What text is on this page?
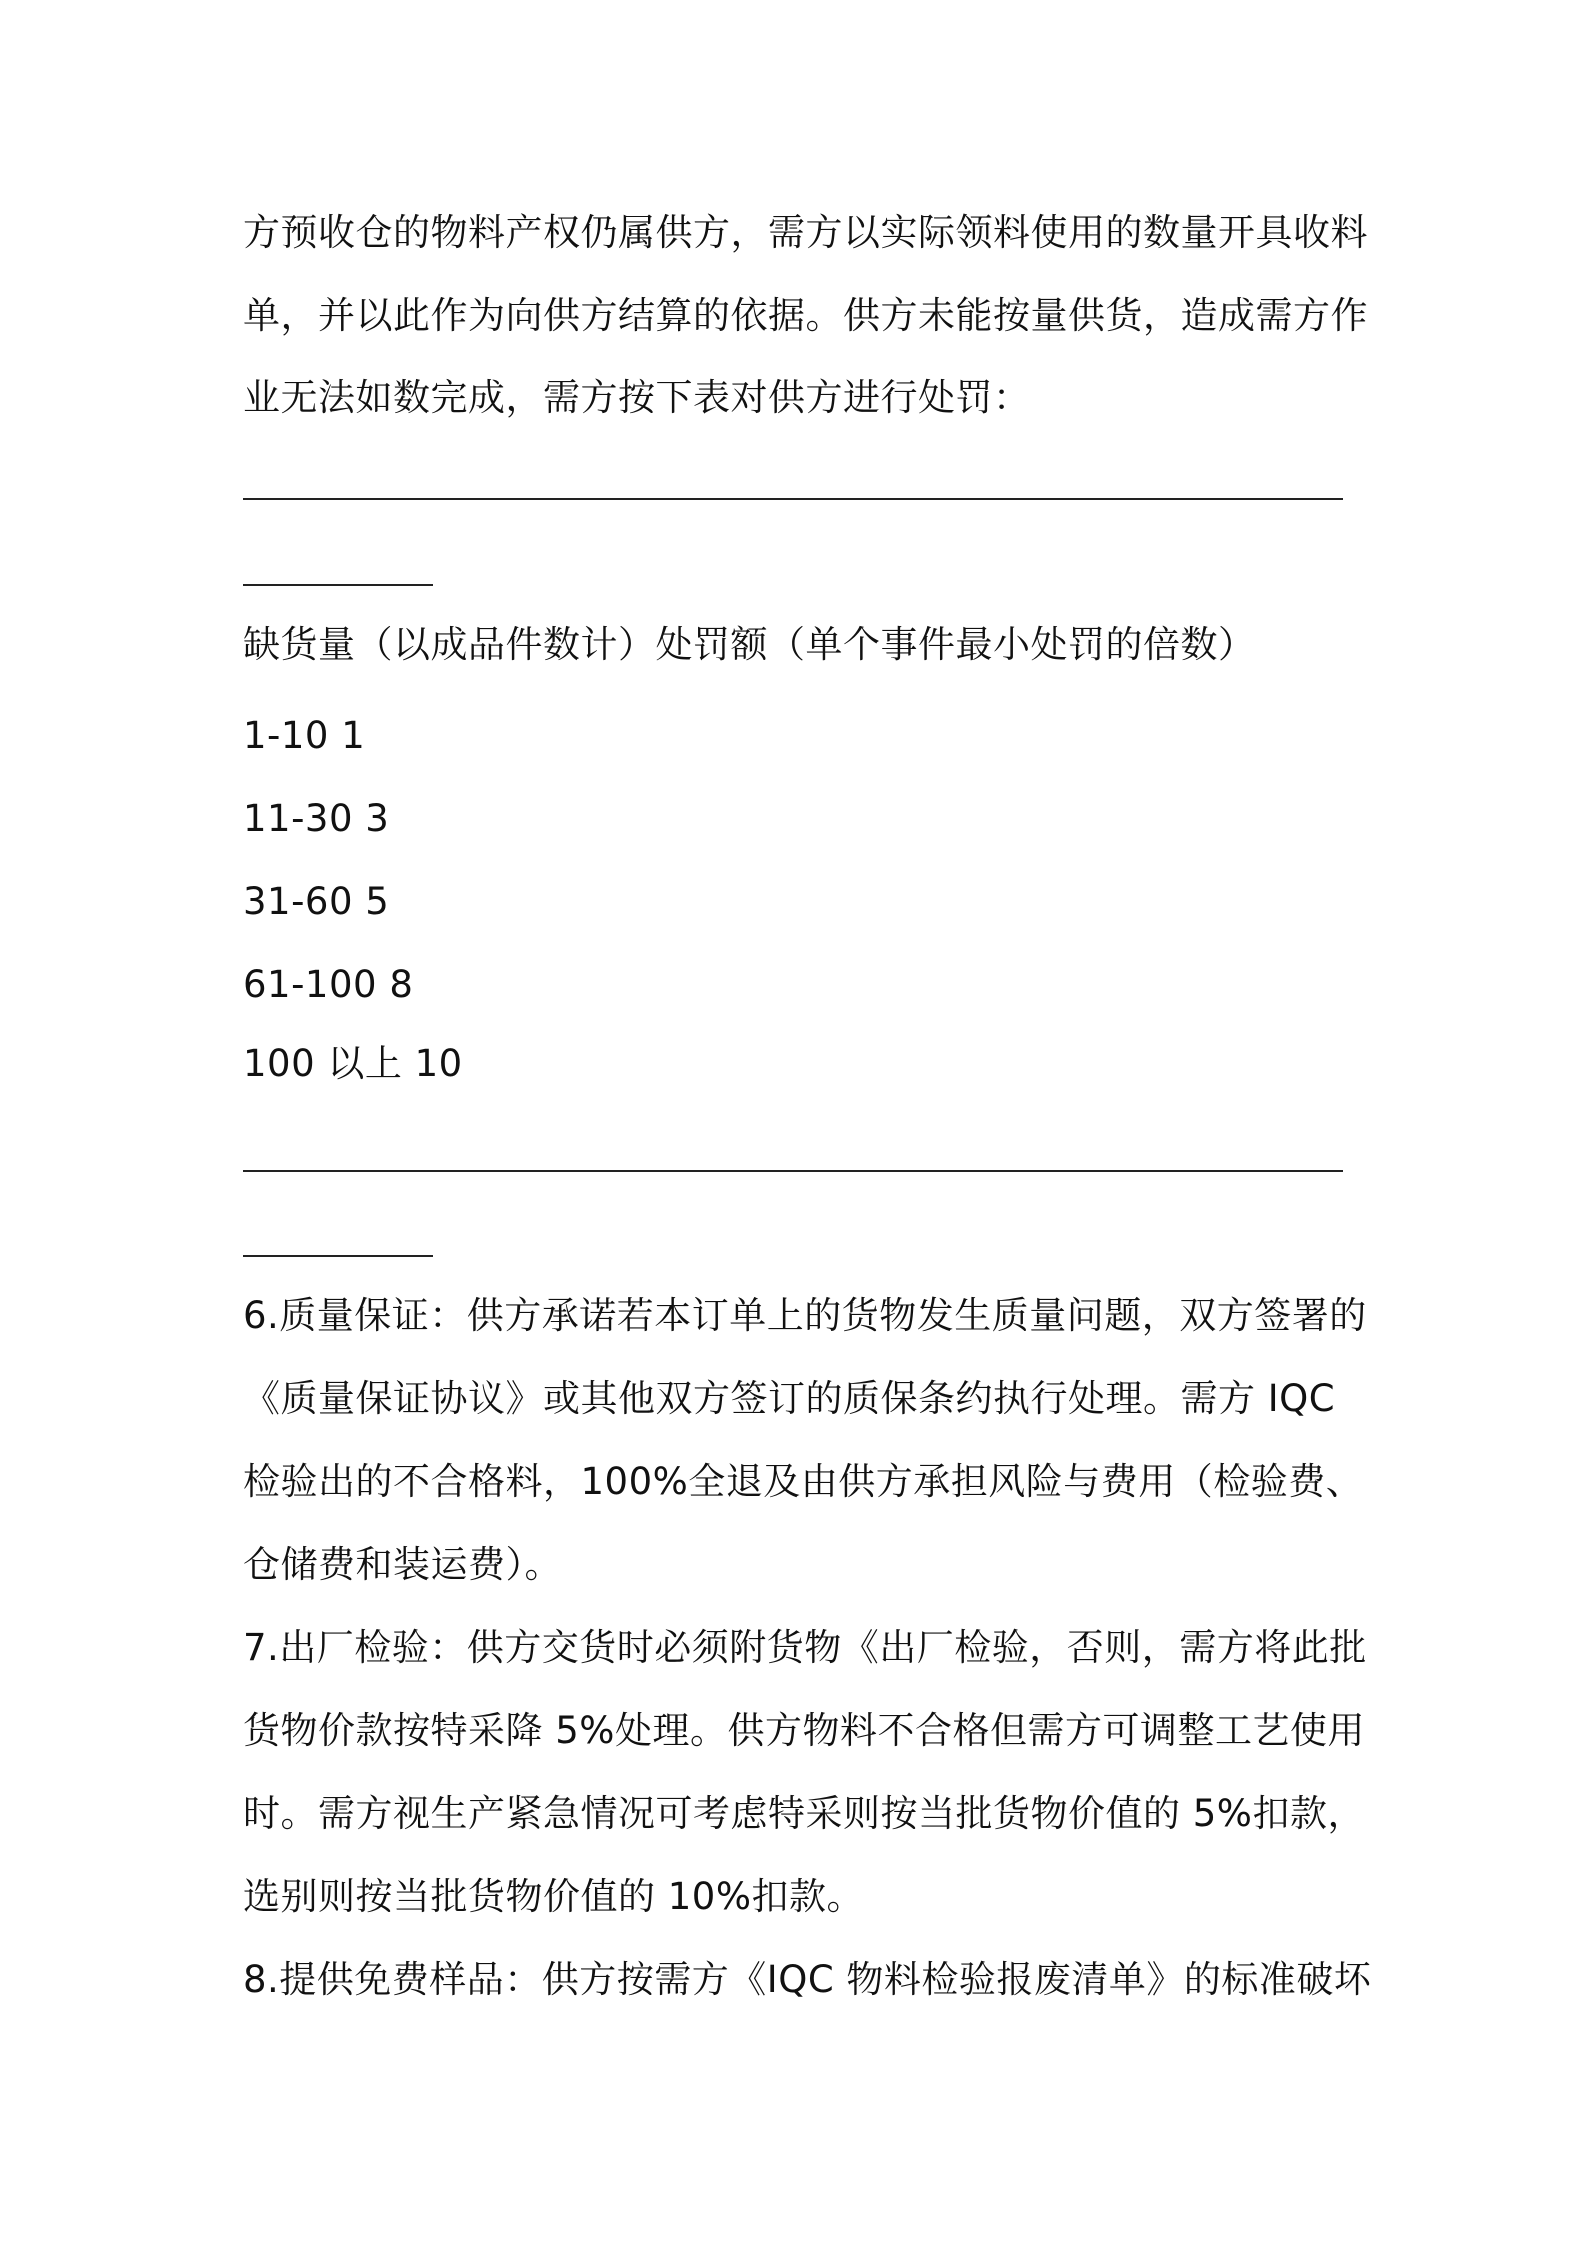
方预收仓的物料产权仍属供方，需方以实际领料使用的数量开具收料
单，并以此作为向供方结算的依据。供方未能按量供货，造成需方作
业无法如数完成，需方按下表对供方进行处罚：
缺货量（以成品件数计）处罚额（单个事件最小处罚的倍数）
1-10 1
11-30 3
31-60 5
61-100 8
100 以上 10
6.质量保证：供方承诺若本订单上的货物发生质量问题，双方签署的
《质量保证协议》或其他双方签订的质保条约执行处理。需方 IQC
检验出的不合格料，100%全退及由供方承担风险与费用（检验费、
仓储费和装运费）。
7.出厂检验：供方交货时必须附货物《出厂检验，否则，需方将此批
货物价款按特采降 5%处理。供方物料不合格但需方可调整工艺使用
时。需方视生产紧急情况可考虑特采则按当批货物价值的 5%扣款，
选别则按当批货物价值的 10%扣款。
8.提供免费样品：供方按需方《IQC 物料检验报废清单》的标准破坏
